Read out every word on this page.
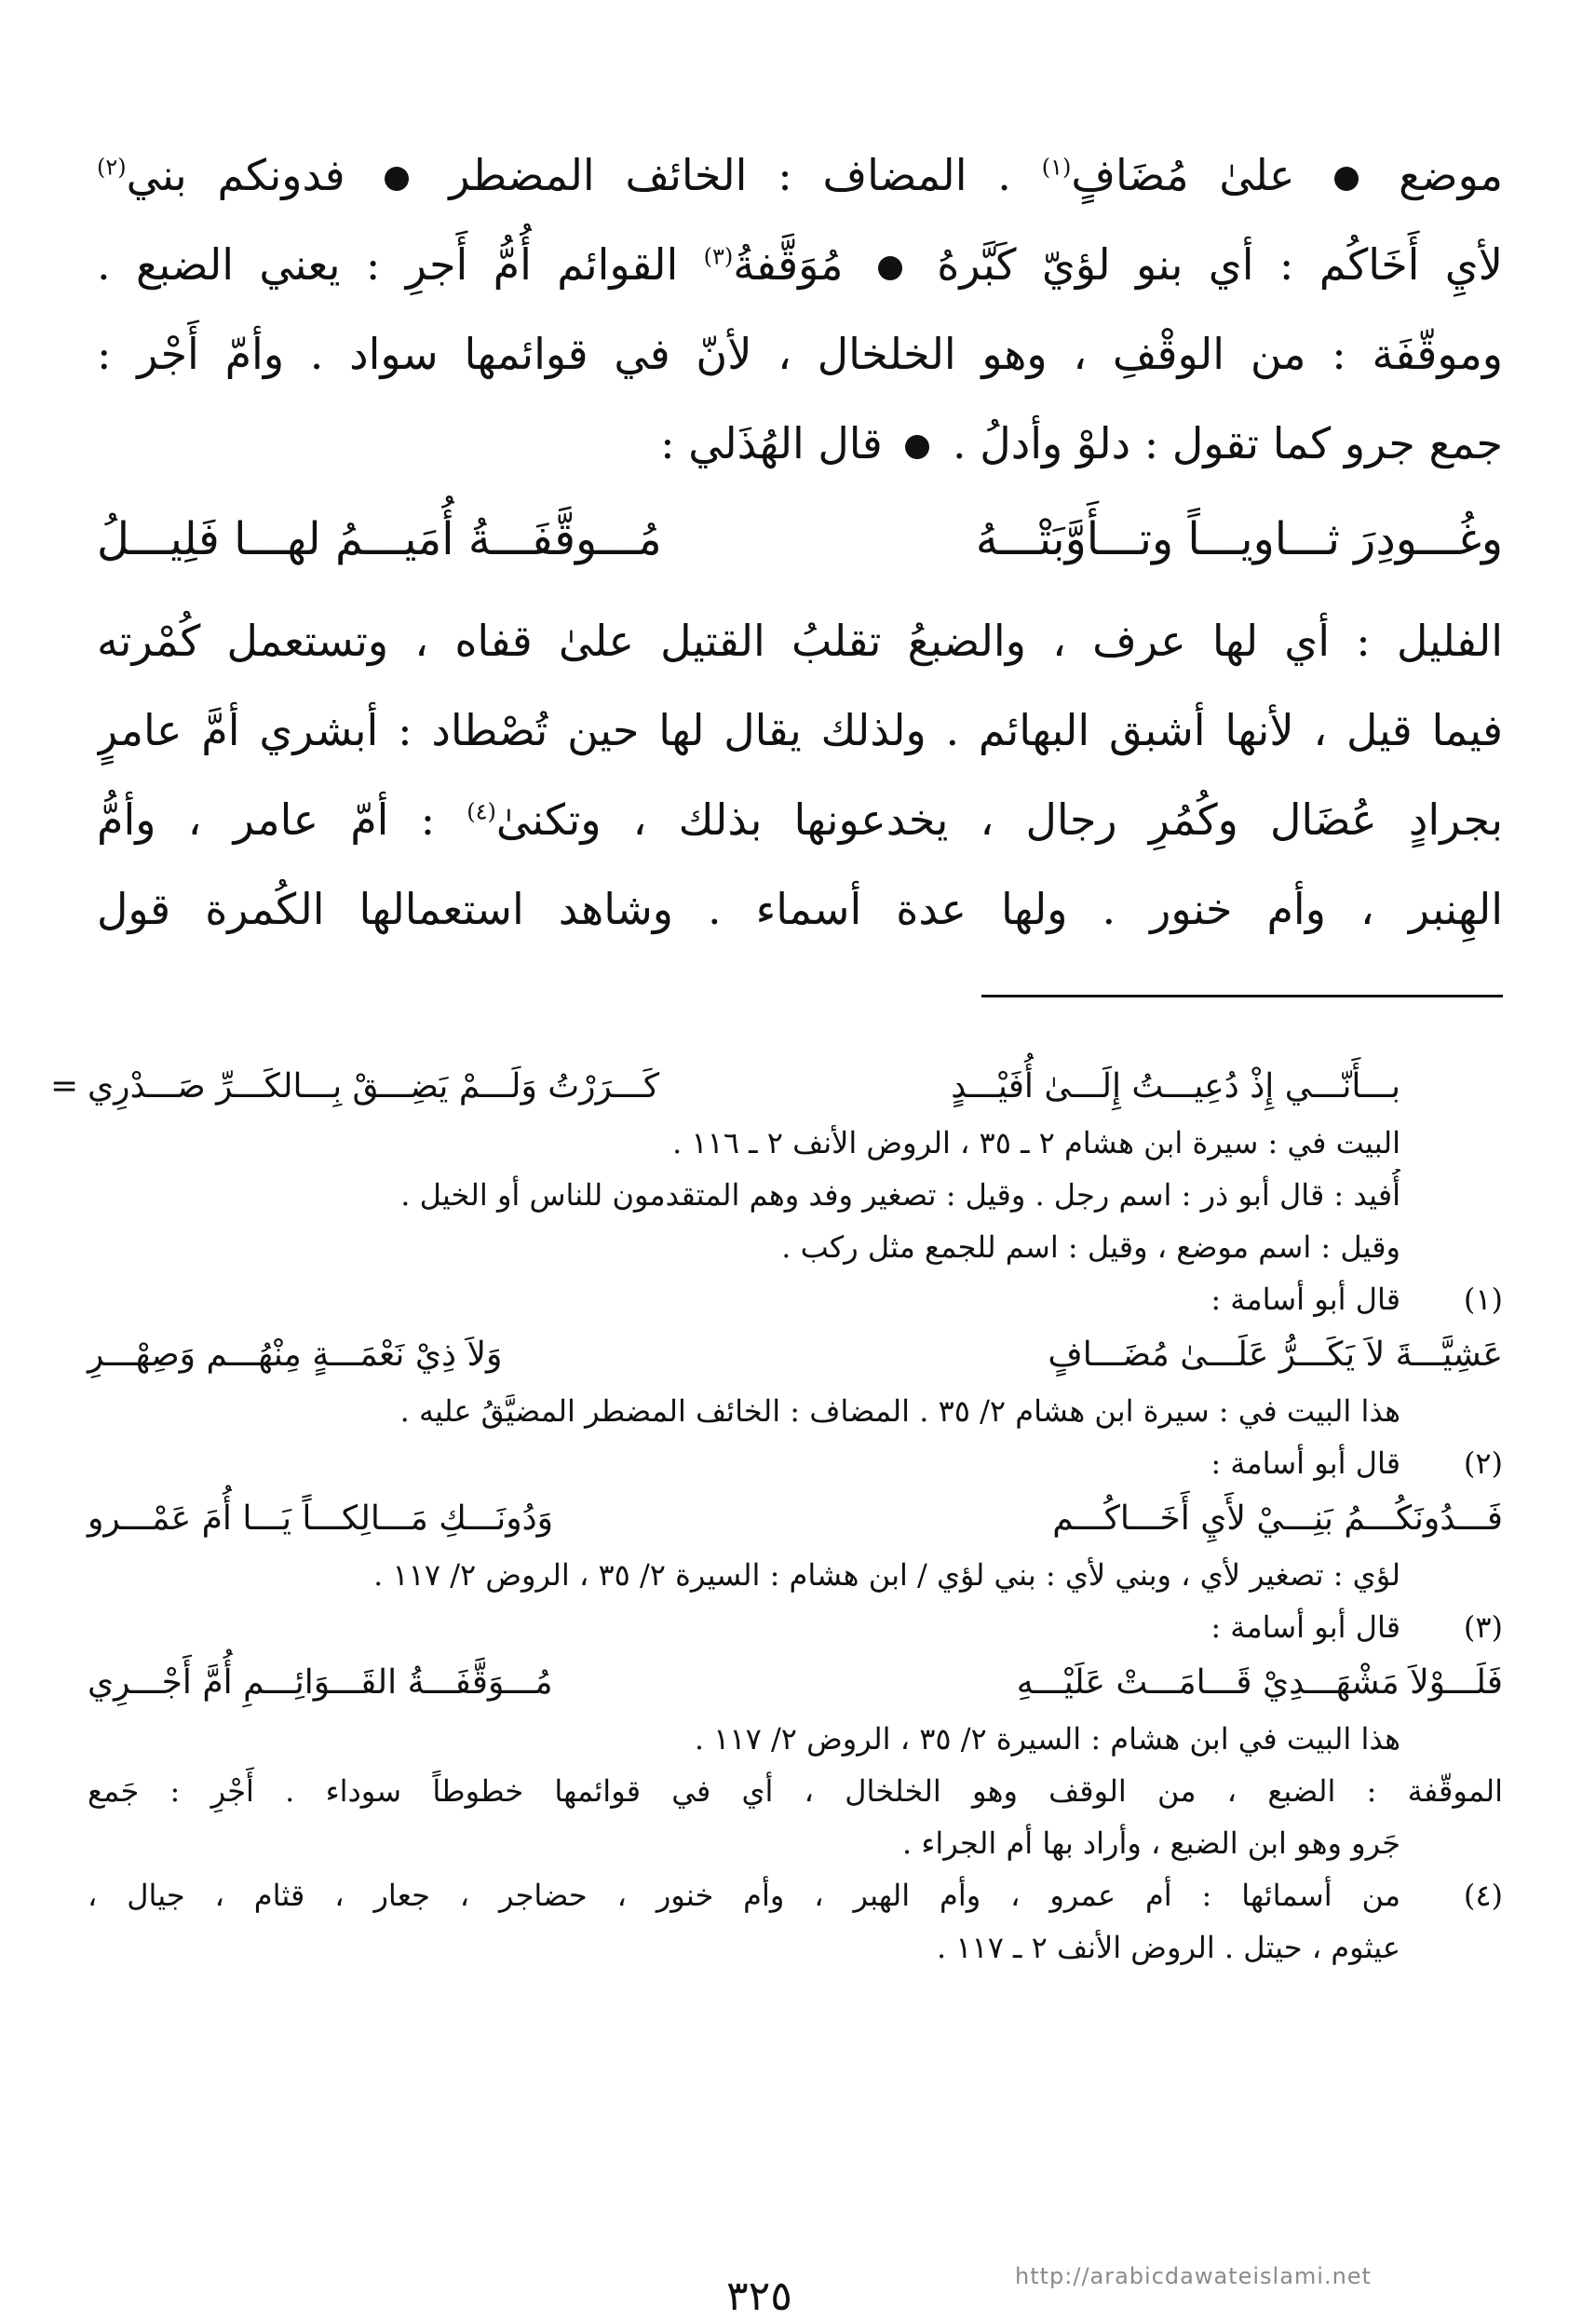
موضع  علىٰ مُضَافٍ$^{(١)}$ . المضاف : الخائف المضطر  فدونكم بني$^{(٢)}$
لأيِ أَخَاكُم : أي بنو لؤيّ كَبَّرهُ  مُوَقَّفةُ$^{(٣)}$ القوائم أُمُّ أَجرِ : يعني الضبع .
وموقّفَة : من الوقْفِ ، وهو الخلخال ، لأنّ في قوائمها سواد . وأمّ أَجْر :
جمع جرو كما تقول : دلوْ وأدلُ .  قال الهُذَلي :
وغُـــودِرَ ثـــاويـــاً وتـــأَوَّبَتْـــهُ
مُـــوقَّفَـــةُ أُمَيـــمُ لهـــا فَلِيـــلُ
الفليل : أي لها عرف ، والضبعُ تقلبُ القتيل علىٰ قفاه ، وتستعمل كُمْرته
فيما قيل ، لأنها أشبق البهائم . ولذلك يقال لها حين تُصْطاد : أبشري أمَّ عامرٍ
بجرادٍ عُضَال وكُمُرِ رجال ، يخدعونها بذلك ، وتكنىٰ$^{(٤)}$ : أمّ عامر ، وأمُّ
الهِنبر ، وأم خنور . ولها عدة أسماء . وشاهد استعمالها الكُمرة قول
=	بـــأَنّـــي إِذْ دُعِيـــتُ إِلَـــىٰ أُفَيْـــدٍ
كَـــرَرْتُ وَلَـــمْ يَضِـــقْ بِـــالكَـــرِّ صَـــدْرِي
البيت في : سيرة ابن هشام ٢ ـ ٣٥ ، الروض الأنف ٢ ـ ١١٦ .
أُفيد : قال أبو ذر : اسم رجل . وقيل : تصغير وفد وهم المتقدمون للناس أو الخيل .
وقيل : اسم موضع ، وقيل : اسم للجمع مثل ركب .
(١)
قال أبو أسامة :
عَشِيَّـــةَ لاَ يَكَـــرُّ عَلَـــىٰ مُضَـــافٍ
وَلاَ ذِيْ نَعْمَـــةٍ مِنْهُـــم وَصِهْـــرِ
هذا البيت في : سيرة ابن هشام ٢/ ٣٥ . المضاف : الخائف المضطر المضيَّقُ عليه .
(٢)
قال أبو أسامة :
فَـــدُونَكُـــمُ بَنِـــيْ لأَيِ أَخَـــاكُـــم
وَدُونَـــكِ مَـــالِكـــاً يَـــا أُمَ عَمْـــرو
لؤي : تصغير لأي ، وبني لأي : بني لؤي / ابن هشام : السيرة ٢/ ٣٥ ، الروض ٢/ ١١٧ .
(٣)
قال أبو أسامة :
فَلَـــوْلاَ مَشْهَـــدِيْ قَـــامَـــتْ عَلَيْـــهِ
مُـــوَقَّفَـــةُ القَـــوَائِـــمِ أُمَّ أَجْـــرِي
هذا البيت في ابن هشام : السيرة ٢/ ٣٥ ، الروض ٢/ ١١٧ .
الموقّفة : الضبع ، من الوقف وهو الخلخال ، أي في قوائمها خطوطاً سوداء . أَجْرِ : جَمع
جَرو وهو ابن الضبع ، وأراد بها أم الجراء .
(٤)
من أسمائها : أم عمرو ، وأم الهبر ، وأم خنور ، حضاجر ، جعار ، قثام ، جيال ،
عيثوم ، حيتل . الروض الأنف ٢ ـ ١١٧ .
http://arabicdawateislami.net
٣٢٥
